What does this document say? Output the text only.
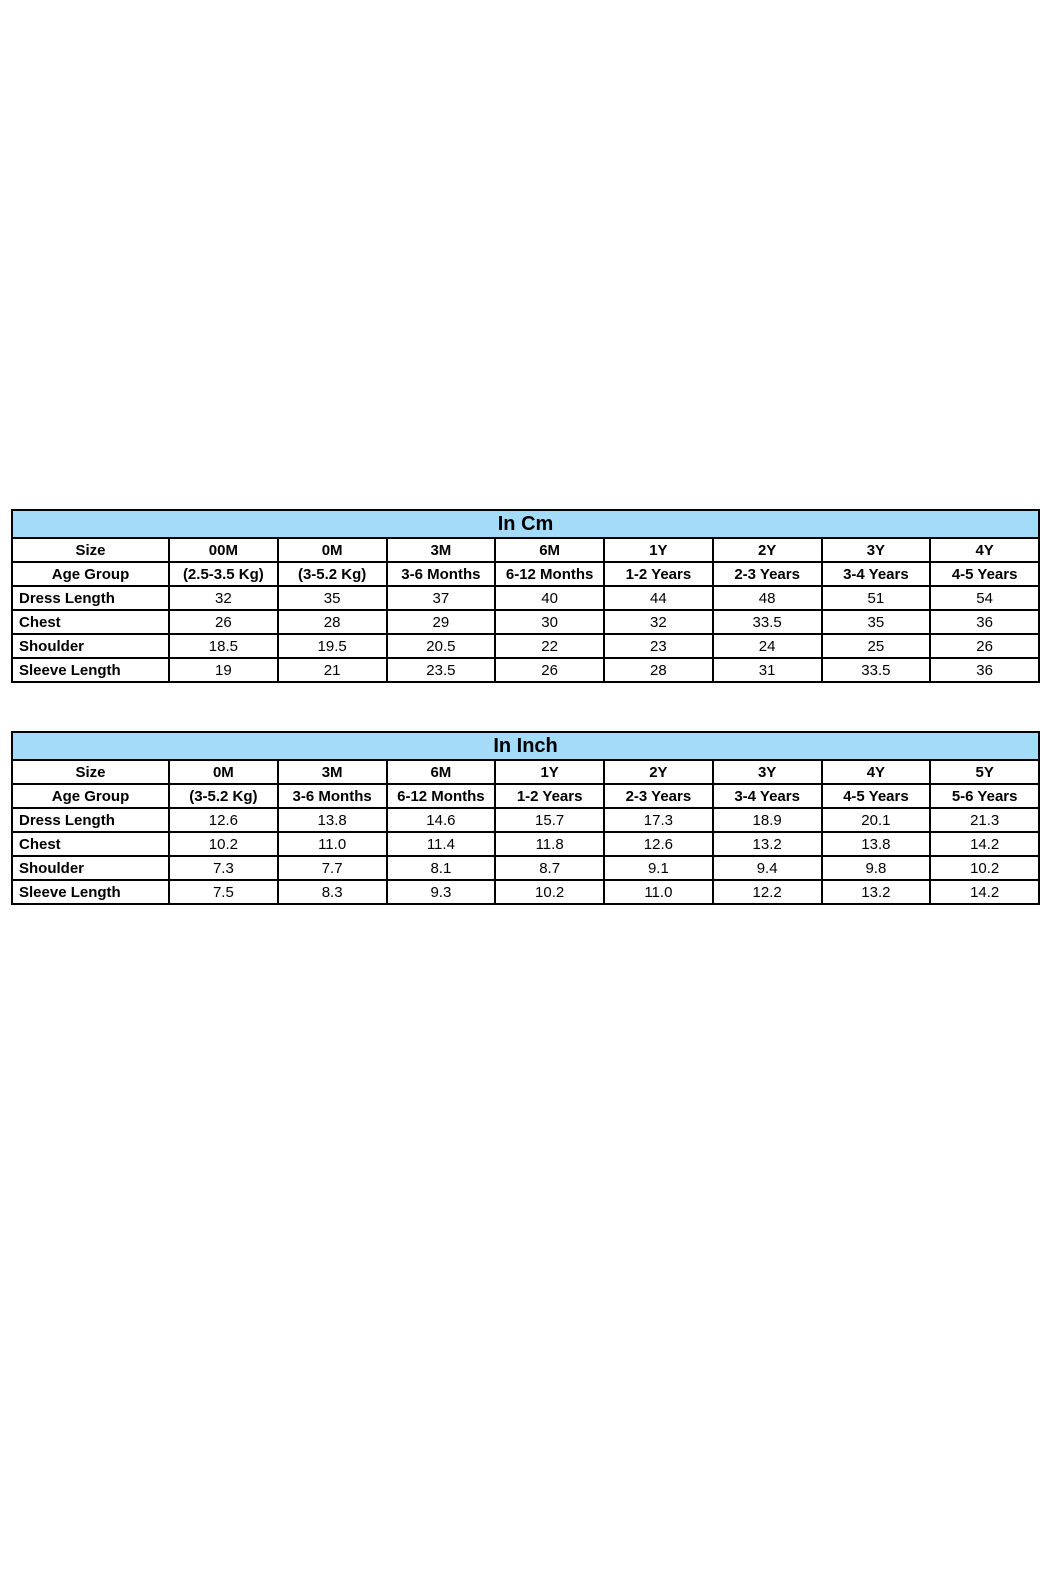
In Cm								
Size	00M	0M	3M	6M	1Y	2Y	3Y	4Y
Age Group	(2.5-3.5 Kg)	(3-5.2 Kg)	3-6 Months	6-12 Months	1-2 Years	2-3 Years	3-4 Years	4-5 Years
Dress Length	32	35	37	40	44	48	51	54
Chest	26	28	29	30	32	33.5	35	36
Shoulder	18.5	19.5	20.5	22	23	24	25	26
Sleeve Length	19	21	23.5	26	28	31	33.5	36
In Inch								
Size	0M	3M	6M	1Y	2Y	3Y	4Y	5Y
Age Group	(3-5.2 Kg)	3-6 Months	6-12 Months	1-2 Years	2-3 Years	3-4 Years	4-5 Years	5-6 Years
Dress Length	12.6	13.8	14.6	15.7	17.3	18.9	20.1	21.3
Chest	10.2	11.0	11.4	11.8	12.6	13.2	13.8	14.2
Shoulder	7.3	7.7	8.1	8.7	9.1	9.4	9.8	10.2
Sleeve Length	7.5	8.3	9.3	10.2	11.0	12.2	13.2	14.2
